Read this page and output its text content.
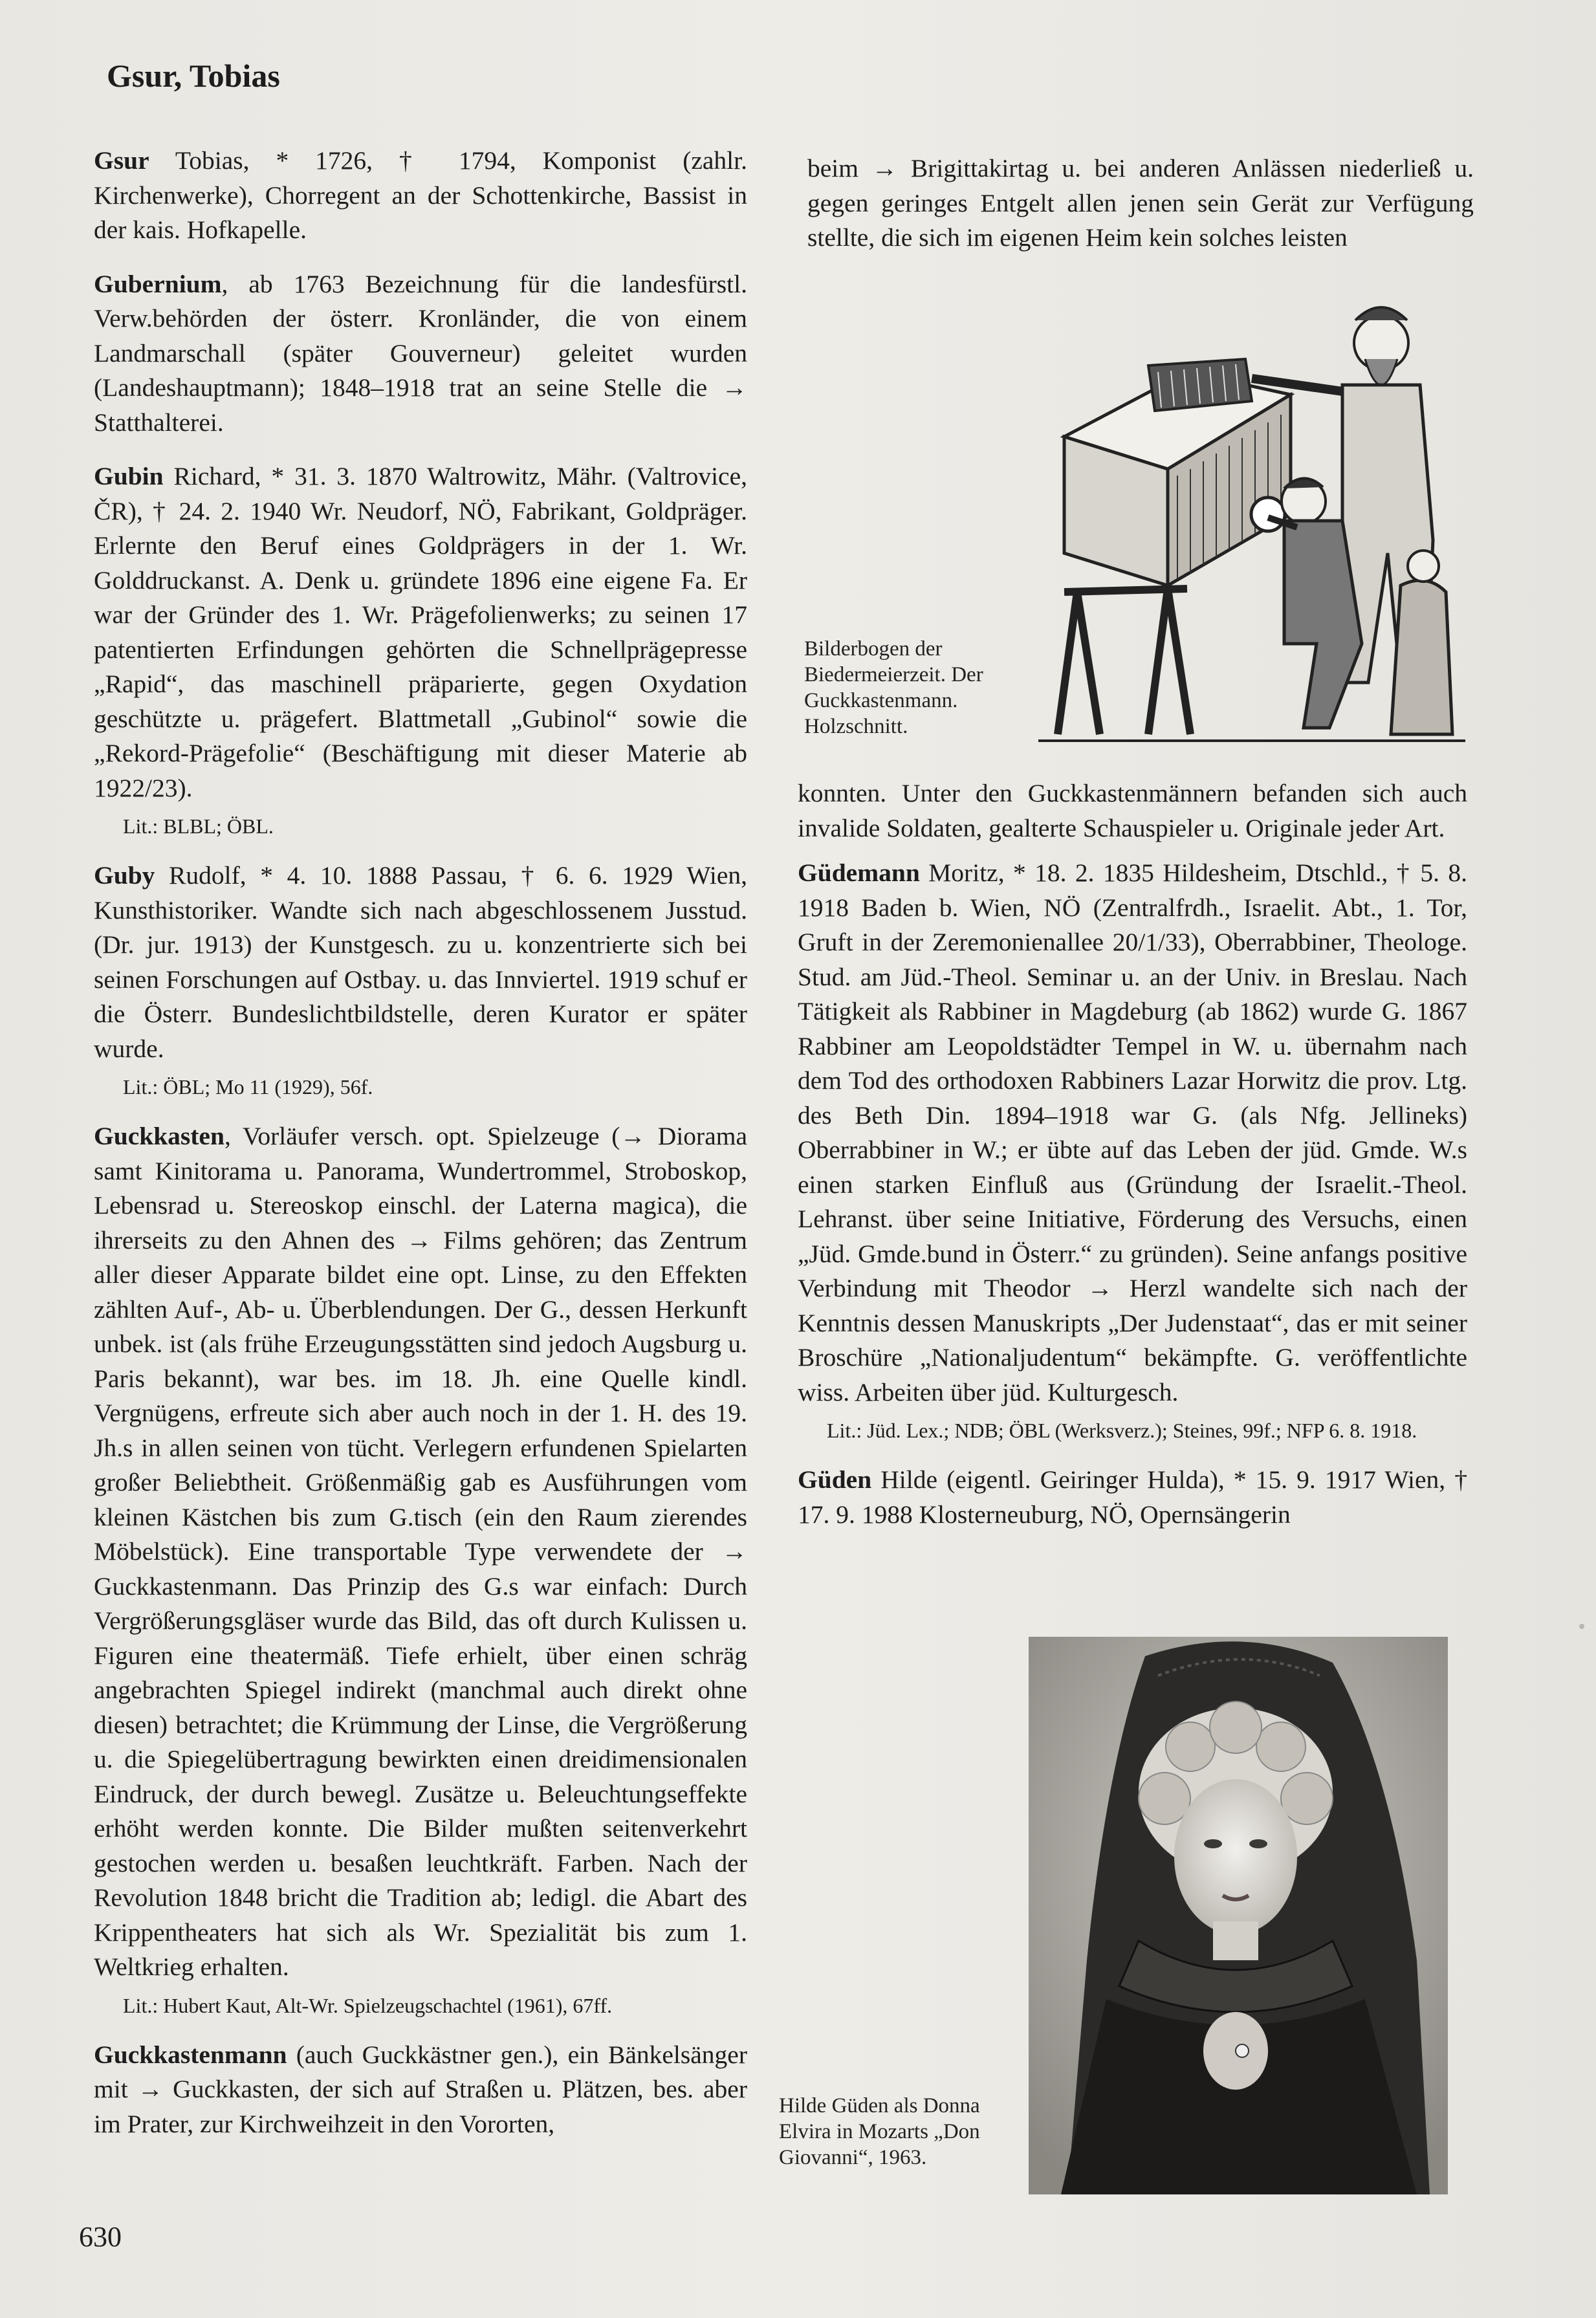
Gsur, Tobias

Gsur Tobias, * 1726, † 1794, Komponist (zahlr. Kirchenwerke), Chorregent an der Schottenkirche, Bassist in der kais. Hofkapelle.

Gubernium, ab 1763 Bezeichnung für die landesfürstl. Verw.behörden der österr. Kronländer, die von einem Landmarschall (später Gouverneur) geleitet wurden (Landeshauptmann); 1848–1918 trat an seine Stelle die → Statthalterei.

Gubin Richard, * 31. 3. 1870 Waltrowitz, Mähr. (Valtrovice, ČR), † 24. 2. 1940 Wr. Neudorf, NÖ, Fabrikant, Goldpräger. Erlernte den Beruf eines Goldprägers in der 1. Wr. Golddruckanst. A. Denk u. gründete 1896 eine eigene Fa. Er war der Gründer des 1. Wr. Prägefolienwerks; zu seinen 17 patentierten Erfindungen gehörten die Schnellprägepresse „Rapid“, das maschinell präparierte, gegen Oxydation geschützte u. prägefert. Blattmetall „Gubinol“ sowie die „Rekord-Prägefolie“ (Beschäftigung mit dieser Materie ab 1922/23).

Lit.: BLBL; ÖBL.

Guby Rudolf, * 4. 10. 1888 Passau, † 6. 6. 1929 Wien, Kunsthistoriker. Wandte sich nach abgeschlossenem Jusstud. (Dr. jur. 1913) der Kunstgesch. zu u. konzentrierte sich bei seinen Forschungen auf Ostbay. u. das Innviertel. 1919 schuf er die Österr. Bundeslichtbildstelle, deren Kurator er später wurde.

Lit.: ÖBL; Mo 11 (1929), 56f.

Guckkasten, Vorläufer versch. opt. Spielzeuge (→ Diorama samt Kinitorama u. Panorama, Wundertrommel, Stroboskop, Lebensrad u. Stereoskop einschl. der Laterna magica), die ihrerseits zu den Ahnen des → Films gehören; das Zentrum aller dieser Apparate bildet eine opt. Linse, zu den Effekten zählten Auf-, Ab- u. Überblendungen. Der G., dessen Herkunft unbek. ist (als frühe Erzeugungsstätten sind jedoch Augsburg u. Paris bekannt), war bes. im 18. Jh. eine Quelle kindl. Vergnügens, erfreute sich aber auch noch in der 1. H. des 19. Jh.s in allen seinen von tücht. Verlegern erfundenen Spielarten großer Beliebtheit. Größenmäßig gab es Ausführungen vom kleinen Kästchen bis zum G.tisch (ein den Raum zierendes Möbelstück). Eine transportable Type verwendete der → Guckkastenmann. Das Prinzip des G.s war einfach: Durch Vergrößerungsgläser wurde das Bild, das oft durch Kulissen u. Figuren eine theatermäß. Tiefe erhielt, über einen schräg angebrachten Spiegel indirekt (manchmal auch direkt ohne diesen) betrachtet; die Krümmung der Linse, die Vergrößerung u. die Spiegelübertragung bewirkten einen dreidimensionalen Eindruck, der durch bewegl. Zusätze u. Beleuchtungseffekte erhöht werden konnte. Die Bilder mußten seitenverkehrt gestochen werden u. besaßen leuchtkräft. Farben. Nach der Revolution 1848 bricht die Tradition ab; ledigl. die Abart des Krippentheaters hat sich als Wr. Spezialität bis zum 1. Weltkrieg erhalten.

Lit.: Hubert Kaut, Alt-Wr. Spielzeugschachtel (1961), 67ff.

Guckkastenmann (auch Guckkästner gen.), ein Bänkelsänger mit → Guckkasten, der sich auf Straßen u. Plätzen, bes. aber im Prater, zur Kirchweihzeit in den Vororten,

beim → Brigittakirtag u. bei anderen Anlässen niederließ u. gegen geringes Entgelt allen jenen sein Gerät zur Verfügung stellte, die sich im eigenen Heim kein solches leisten

Bilderbogen der Biedermeierzeit. Der Guckkastenmann. Holzschnitt.

konnten. Unter den Guckkastenmännern befanden sich auch invalide Soldaten, gealterte Schauspieler u. Originale jeder Art.

Güdemann Moritz, * 18. 2. 1835 Hildesheim, Dtschld., † 5. 8. 1918 Baden b. Wien, NÖ (Zentralfrdh., Israelit. Abt., 1. Tor, Gruft in der Zeremonienallee 20/1/33), Oberrabbiner, Theologe. Stud. am Jüd.-Theol. Seminar u. an der Univ. in Breslau. Nach Tätigkeit als Rabbiner in Magdeburg (ab 1862) wurde G. 1867 Rabbiner am Leopoldstädter Tempel in W. u. übernahm nach dem Tod des orthodoxen Rabbiners Lazar Horwitz die prov. Ltg. des Beth Din. 1894–1918 war G. (als Nfg. Jellineks) Oberrabbiner in W.; er übte auf das Leben der jüd. Gmde. W.s einen starken Einfluß aus (Gründung der Israelit.-Theol. Lehranst. über seine Initiative, Förderung des Versuchs, einen „Jüd. Gmde.bund in Österr.“ zu gründen). Seine anfangs positive Verbindung mit Theodor → Herzl wandelte sich nach der Kenntnis dessen Manuskripts „Der Judenstaat“, das er mit seiner Broschüre „Nationaljudentum“ bekämpfte. G. veröffentlichte wiss. Arbeiten über jüd. Kulturgesch.

Lit.: Jüd. Lex.; NDB; ÖBL (Werksverz.); Steines, 99f.; NFP 6. 8. 1918.

Güden Hilde (eigentl. Geiringer Hulda), * 15. 9. 1917 Wien, † 17. 9. 1988 Klosterneuburg, NÖ, Opernsängerin

Hilde Güden als Donna Elvira in Mozarts „Don Giovanni“, 1963.
630
